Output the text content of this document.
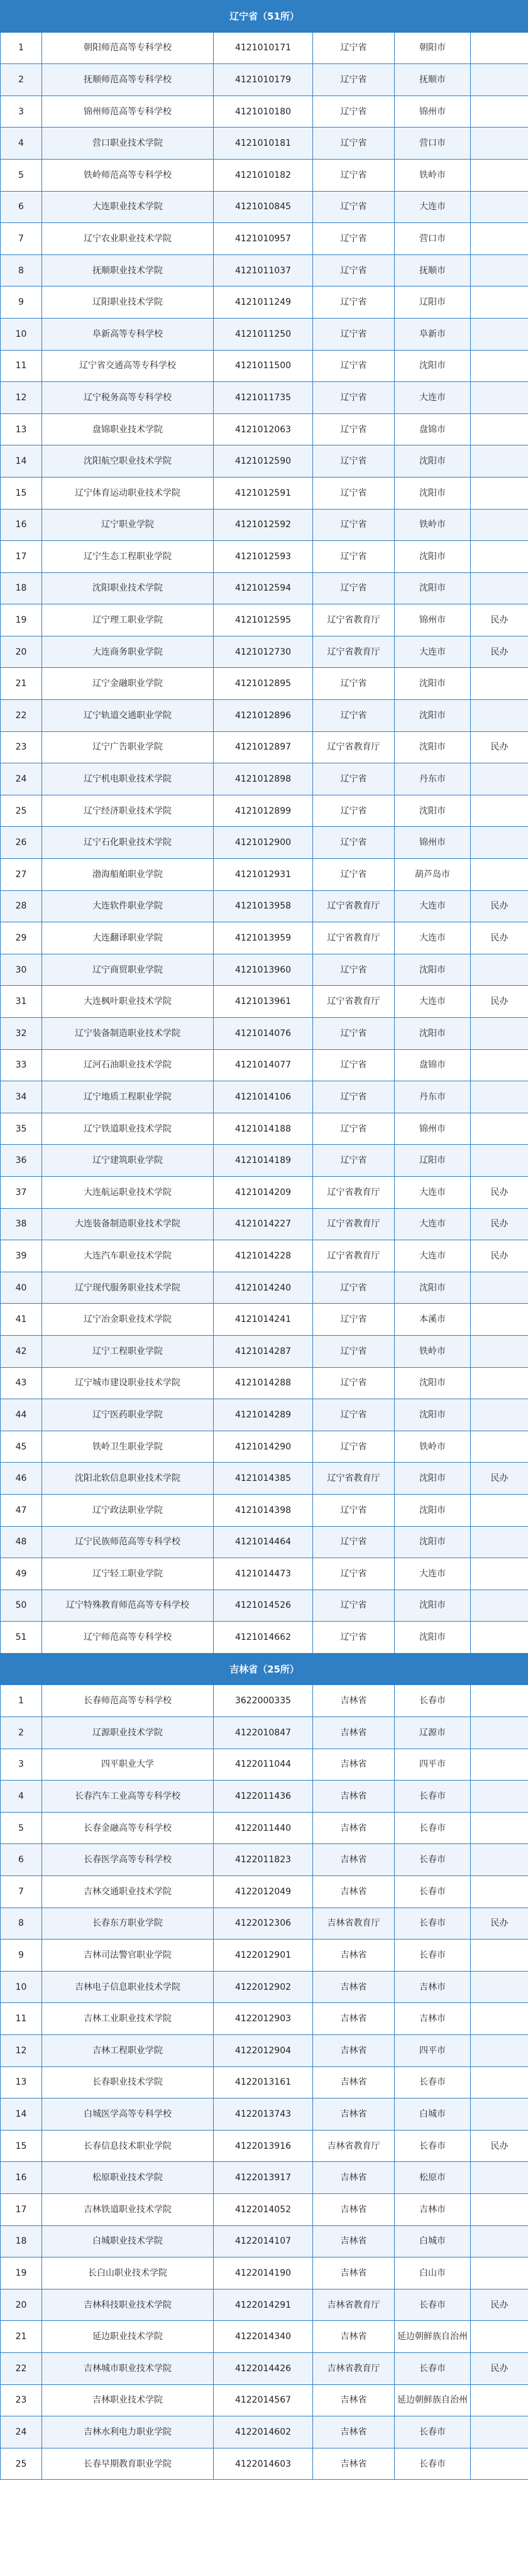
辽宁省（51所）					
1	朝阳师范高等专科学校	4121010171	辽宁省	朝阳市	
2	抚顺师范高等专科学校	4121010179	辽宁省	抚顺市	
3	锦州师范高等专科学校	4121010180	辽宁省	锦州市	
4	营口职业技术学院	4121010181	辽宁省	营口市	
5	铁岭师范高等专科学校	4121010182	辽宁省	铁岭市	
6	大连职业技术学院	4121010845	辽宁省	大连市	
7	辽宁农业职业技术学院	4121010957	辽宁省	营口市	
8	抚顺职业技术学院	4121011037	辽宁省	抚顺市	
9	辽阳职业技术学院	4121011249	辽宁省	辽阳市	
10	阜新高等专科学校	4121011250	辽宁省	阜新市	
11	辽宁省交通高等专科学校	4121011500	辽宁省	沈阳市	
12	辽宁税务高等专科学校	4121011735	辽宁省	大连市	
13	盘锦职业技术学院	4121012063	辽宁省	盘锦市	
14	沈阳航空职业技术学院	4121012590	辽宁省	沈阳市	
15	辽宁体育运动职业技术学院	4121012591	辽宁省	沈阳市	
16	辽宁职业学院	4121012592	辽宁省	铁岭市	
17	辽宁生态工程职业学院	4121012593	辽宁省	沈阳市	
18	沈阳职业技术学院	4121012594	辽宁省	沈阳市	
19	辽宁理工职业学院	4121012595	辽宁省教育厅	锦州市	民办
20	大连商务职业学院	4121012730	辽宁省教育厅	大连市	民办
21	辽宁金融职业学院	4121012895	辽宁省	沈阳市	
22	辽宁轨道交通职业学院	4121012896	辽宁省	沈阳市	
23	辽宁广告职业学院	4121012897	辽宁省教育厅	沈阳市	民办
24	辽宁机电职业技术学院	4121012898	辽宁省	丹东市	
25	辽宁经济职业技术学院	4121012899	辽宁省	沈阳市	
26	辽宁石化职业技术学院	4121012900	辽宁省	锦州市	
27	渤海船舶职业学院	4121012931	辽宁省	葫芦岛市	
28	大连软件职业学院	4121013958	辽宁省教育厅	大连市	民办
29	大连翻译职业学院	4121013959	辽宁省教育厅	大连市	民办
30	辽宁商贸职业学院	4121013960	辽宁省	沈阳市	
31	大连枫叶职业技术学院	4121013961	辽宁省教育厅	大连市	民办
32	辽宁装备制造职业技术学院	4121014076	辽宁省	沈阳市	
33	辽河石油职业技术学院	4121014077	辽宁省	盘锦市	
34	辽宁地质工程职业学院	4121014106	辽宁省	丹东市	
35	辽宁铁道职业技术学院	4121014188	辽宁省	锦州市	
36	辽宁建筑职业学院	4121014189	辽宁省	辽阳市	
37	大连航运职业技术学院	4121014209	辽宁省教育厅	大连市	民办
38	大连装备制造职业技术学院	4121014227	辽宁省教育厅	大连市	民办
39	大连汽车职业技术学院	4121014228	辽宁省教育厅	大连市	民办
40	辽宁现代服务职业技术学院	4121014240	辽宁省	沈阳市	
41	辽宁冶金职业技术学院	4121014241	辽宁省	本溪市	
42	辽宁工程职业学院	4121014287	辽宁省	铁岭市	
43	辽宁城市建设职业技术学院	4121014288	辽宁省	沈阳市	
44	辽宁医药职业学院	4121014289	辽宁省	沈阳市	
45	铁岭卫生职业学院	4121014290	辽宁省	铁岭市	
46	沈阳北软信息职业技术学院	4121014385	辽宁省教育厅	沈阳市	民办
47	辽宁政法职业学院	4121014398	辽宁省	沈阳市	
48	辽宁民族师范高等专科学校	4121014464	辽宁省	沈阳市	
49	辽宁轻工职业学院	4121014473	辽宁省	大连市	
50	辽宁特殊教育师范高等专科学校	4121014526	辽宁省	沈阳市	
51	辽宁师范高等专科学校	4121014662	辽宁省	沈阳市	
吉林省（25所）					
1	长春师范高等专科学校	3622000335	吉林省	长春市	
2	辽源职业技术学院	4122010847	吉林省	辽源市	
3	四平职业大学	4122011044	吉林省	四平市	
4	长春汽车工业高等专科学校	4122011436	吉林省	长春市	
5	长春金融高等专科学校	4122011440	吉林省	长春市	
6	长春医学高等专科学校	4122011823	吉林省	长春市	
7	吉林交通职业技术学院	4122012049	吉林省	长春市	
8	长春东方职业学院	4122012306	吉林省教育厅	长春市	民办
9	吉林司法警官职业学院	4122012901	吉林省	长春市	
10	吉林电子信息职业技术学院	4122012902	吉林省	吉林市	
11	吉林工业职业技术学院	4122012903	吉林省	吉林市	
12	吉林工程职业学院	4122012904	吉林省	四平市	
13	长春职业技术学院	4122013161	吉林省	长春市	
14	白城医学高等专科学校	4122013743	吉林省	白城市	
15	长春信息技术职业学院	4122013916	吉林省教育厅	长春市	民办
16	松原职业技术学院	4122013917	吉林省	松原市	
17	吉林铁道职业技术学院	4122014052	吉林省	吉林市	
18	白城职业技术学院	4122014107	吉林省	白城市	
19	长白山职业技术学院	4122014190	吉林省	白山市	
20	吉林科技职业技术学院	4122014291	吉林省教育厅	长春市	民办
21	延边职业技术学院	4122014340	吉林省	延边朝鲜族自治州	
22	吉林城市职业技术学院	4122014426	吉林省教育厅	长春市	民办
23	吉林职业技术学院	4122014567	吉林省	延边朝鲜族自治州	
24	吉林水利电力职业学院	4122014602	吉林省	长春市	
25	长春早期教育职业学院	4122014603	吉林省	长春市	
